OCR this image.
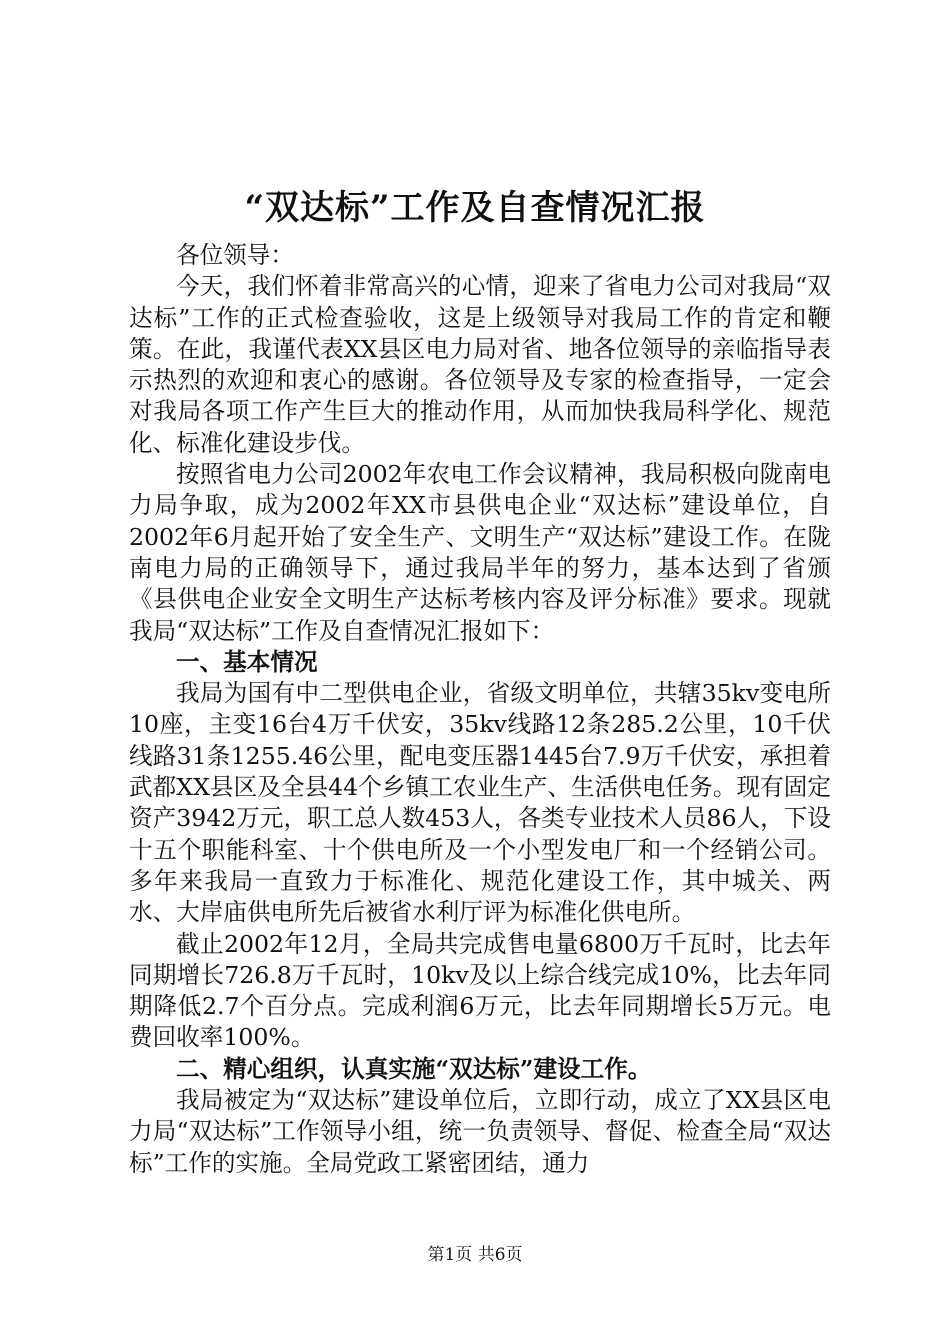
“双达标”工作及自查情况汇报

各位领导：

今天，我们怀着非常高兴的心情，迎来了省电力公司对我局“双达标”工作的正式检查验收，这是上级领导对我局工作的肯定和鞭策。在此，我谨代表XX县区电力局对省、地各位领导的亲临指导表示热烈的欢迎和衷心的感谢。各位领导及专家的检查指导，一定会对我局各项工作产生巨大的推动作用，从而加快我局科学化、规范化、标准化建设步伐。

按照省电力公司2002年农电工作会议精神，我局积极向陇南电力局争取，成为2002年XX市县供电企业“双达标”建设单位，自2002年6月起开始了安全生产、文明生产“双达标”建设工作。在陇南电力局的正确领导下，通过我局半年的努力，基本达到了省颁《县供电企业安全文明生产达标考核内容及评分标准》要求。现就我局“双达标”工作及自查情况汇报如下：

一、基本情况

我局为国有中二型供电企业，省级文明单位，共辖35kv变电所10座，主变16台4万千伏安，35kv线路12条285.2公里，10千伏线路31条1255.46公里，配电变压器1445台7.9万千伏安，承担着武都XX县区及全县44个乡镇工农业生产、生活供电任务。现有固定资产3942万元，职工总人数453人，各类专业技术人员86人，下设十五个职能科室、十个供电所及一个小型发电厂和一个经销公司。多年来我局一直致力于标准化、规范化建设工作，其中城关、两水、大岸庙供电所先后被省水利厅评为标准化供电所。

截止2002年12月，全局共完成售电量6800万千瓦时，比去年同期增长726.8万千瓦时，10kv及以上综合线完成10%，比去年同期降低2.7个百分点。完成利润6万元，比去年同期增长5万元。电费回收率100%。

二、精心组织，认真实施“双达标”建设工作。

我局被定为“双达标”建设单位后，立即行动，成立了XX县区电力局“双达标”工作领导小组，统一负责领导、督促、检查全局“双达标”工作的实施。全局党政工紧密团结，通力

第1页 共6页
